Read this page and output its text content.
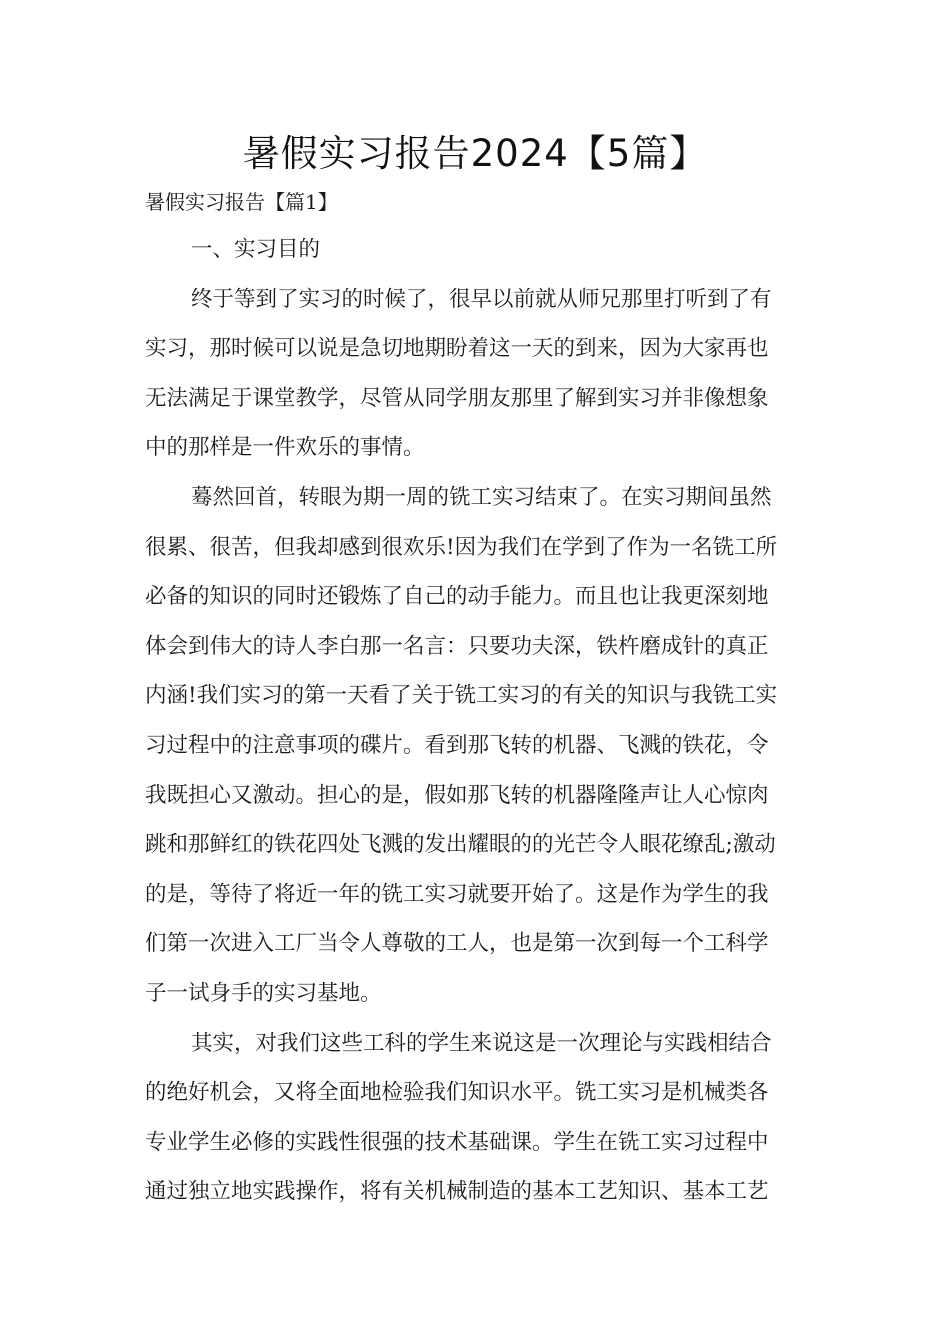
暑假实习报告2024【5篇】
暑假实习报告【篇1】
一、实习目的
终于等到了实习的时候了，很早以前就从师兄那里打听到了有
实习，那时候可以说是急切地期盼着这一天的到来，因为大家再也
无法满足于课堂教学，尽管从同学朋友那里了解到实习并非像想象
中的那样是一件欢乐的事情。
蓦然回首，转眼为期一周的铣工实习结束了。在实习期间虽然
很累、很苦，但我却感到很欢乐!因为我们在学到了作为一名铣工所
必备的知识的同时还锻炼了自己的动手能力。而且也让我更深刻地
体会到伟大的诗人李白那一名言：只要功夫深，铁杵磨成针的真正
内涵!我们实习的第一天看了关于铣工实习的有关的知识与我铣工实
习过程中的注意事项的碟片。看到那飞转的机器、飞溅的铁花，令
我既担心又激动。担心的是，假如那飞转的机器隆隆声让人心惊肉
跳和那鲜红的铁花四处飞溅的发出耀眼的的光芒令人眼花缭乱;激动
的是，等待了将近一年的铣工实习就要开始了。这是作为学生的我
们第一次进入工厂当令人尊敬的工人，也是第一次到每一个工科学
子一试身手的实习基地。
其实，对我们这些工科的学生来说这是一次理论与实践相结合
的绝好机会，又将全面地检验我们知识水平。铣工实习是机械类各
专业学生必修的实践性很强的技术基础课。学生在铣工实习过程中
通过独立地实践操作，将有关机械制造的基本工艺知识、基本工艺
